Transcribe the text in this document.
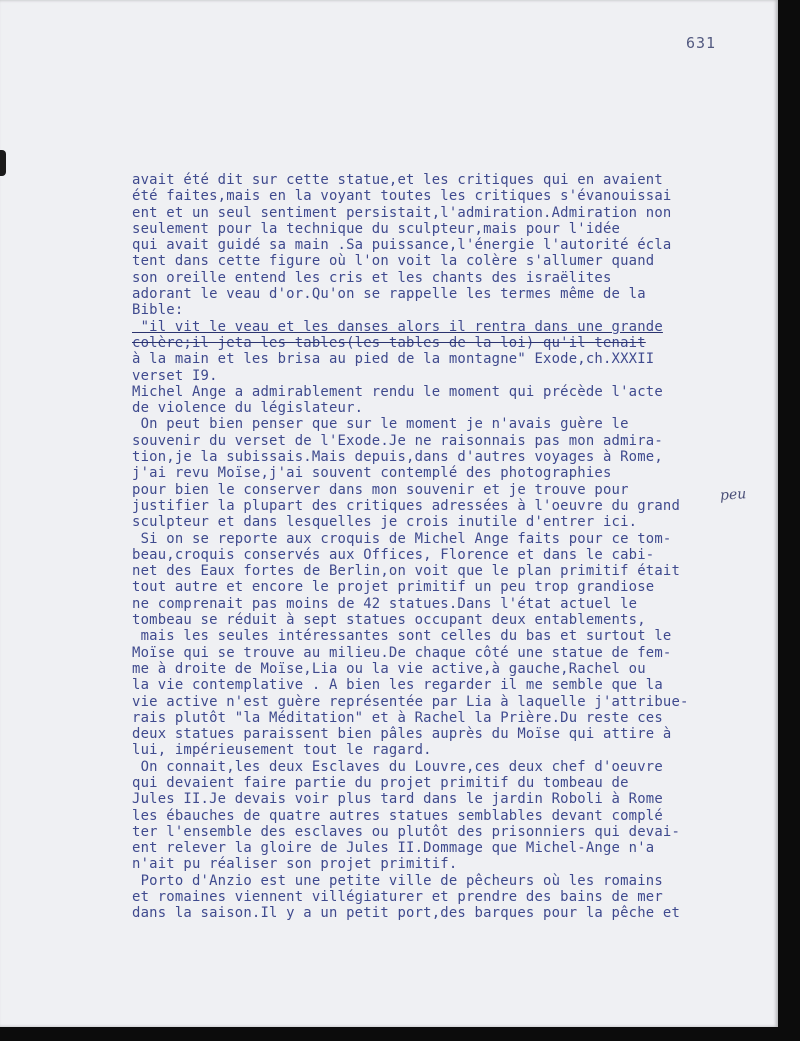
631
avait été dit sur cette statue,et les critiques qui en avaient
été faites,mais en la voyant toutes les critiques s'évanouissai
ent et un seul sentiment persistait,l'admiration.Admiration non
seulement pour la technique du sculpteur,mais pour l'idée
qui avait guidé sa main .Sa puissance,l'énergie l'autorité écla
tent dans cette figure où l'on voit la colère s'allumer quand
son oreille entend les cris et les chants des israëlites
adorant le veau d'or.Qu'on se rappelle les termes même de la
Bible:
"il vit le veau et les danses alors il rentra dans une grande
colère;il jeta les tables(les tables de la loi) qu'il tenait
à la main et les brisa au pied de la montagne" Exode,ch.XXXII
verset I9.
Michel Ange a admirablement rendu le moment qui précède l'acte
de violence du législateur.
On peut bien penser que sur le moment je n'avais guère le
souvenir du verset de l'Exode.Je ne raisonnais pas mon admira-
tion,je la subissais.Mais depuis,dans d'autres voyages à Rome,
j'ai revu Moïse,j'ai souvent contemplé des photographies
pour bien le conserver dans mon souvenir et je trouve pour
justifier la plupart des critiques adressées à l'oeuvre du grand
sculpteur et dans lesquelles je crois inutile d'entrer ici.
Si on se reporte aux croquis de Michel Ange faits pour ce tom-
beau,croquis conservés aux Offices, Florence et dans le cabi-
net des Eaux fortes de Berlin,on voit que le plan primitif était
tout autre et encore le projet primitif un peu trop grandiose
ne comprenait pas moins de 42 statues.Dans l'état actuel le
tombeau se réduit à sept statues occupant deux entablements,
mais les seules intéressantes sont celles du bas et surtout le
Moïse qui se trouve au milieu.De chaque côté une statue de fem-
me à droite de Moïse,Lia ou la vie active,à gauche,Rachel ou
la vie contemplative . A bien les regarder il me semble que la
vie active n'est guère représentée par Lia à laquelle j'attribue-
rais plutôt "la Méditation" et à Rachel la Prière.Du reste ces
deux statues paraissent bien pâles auprès du Moïse qui attire à
lui, impérieusement tout le ragard.
On connait,les deux Esclaves du Louvre,ces deux chef d'oeuvre
qui devaient faire partie du projet primitif du tombeau de
Jules II.Je devais voir plus tard dans le jardin Roboli à Rome
les ébauches de quatre autres statues semblables devant complé
ter l'ensemble des esclaves ou plutôt des prisonniers qui devai-
ent relever la gloire de Jules II.Dommage que Michel-Ange n'a
n'ait pu réaliser son projet primitif.
Porto d'Anzio est une petite ville de pêcheurs où les romains
et romaines viennent villégiaturer et prendre des bains de mer
dans la saison.Il y a un petit port,des barques pour la pêche et
peu
